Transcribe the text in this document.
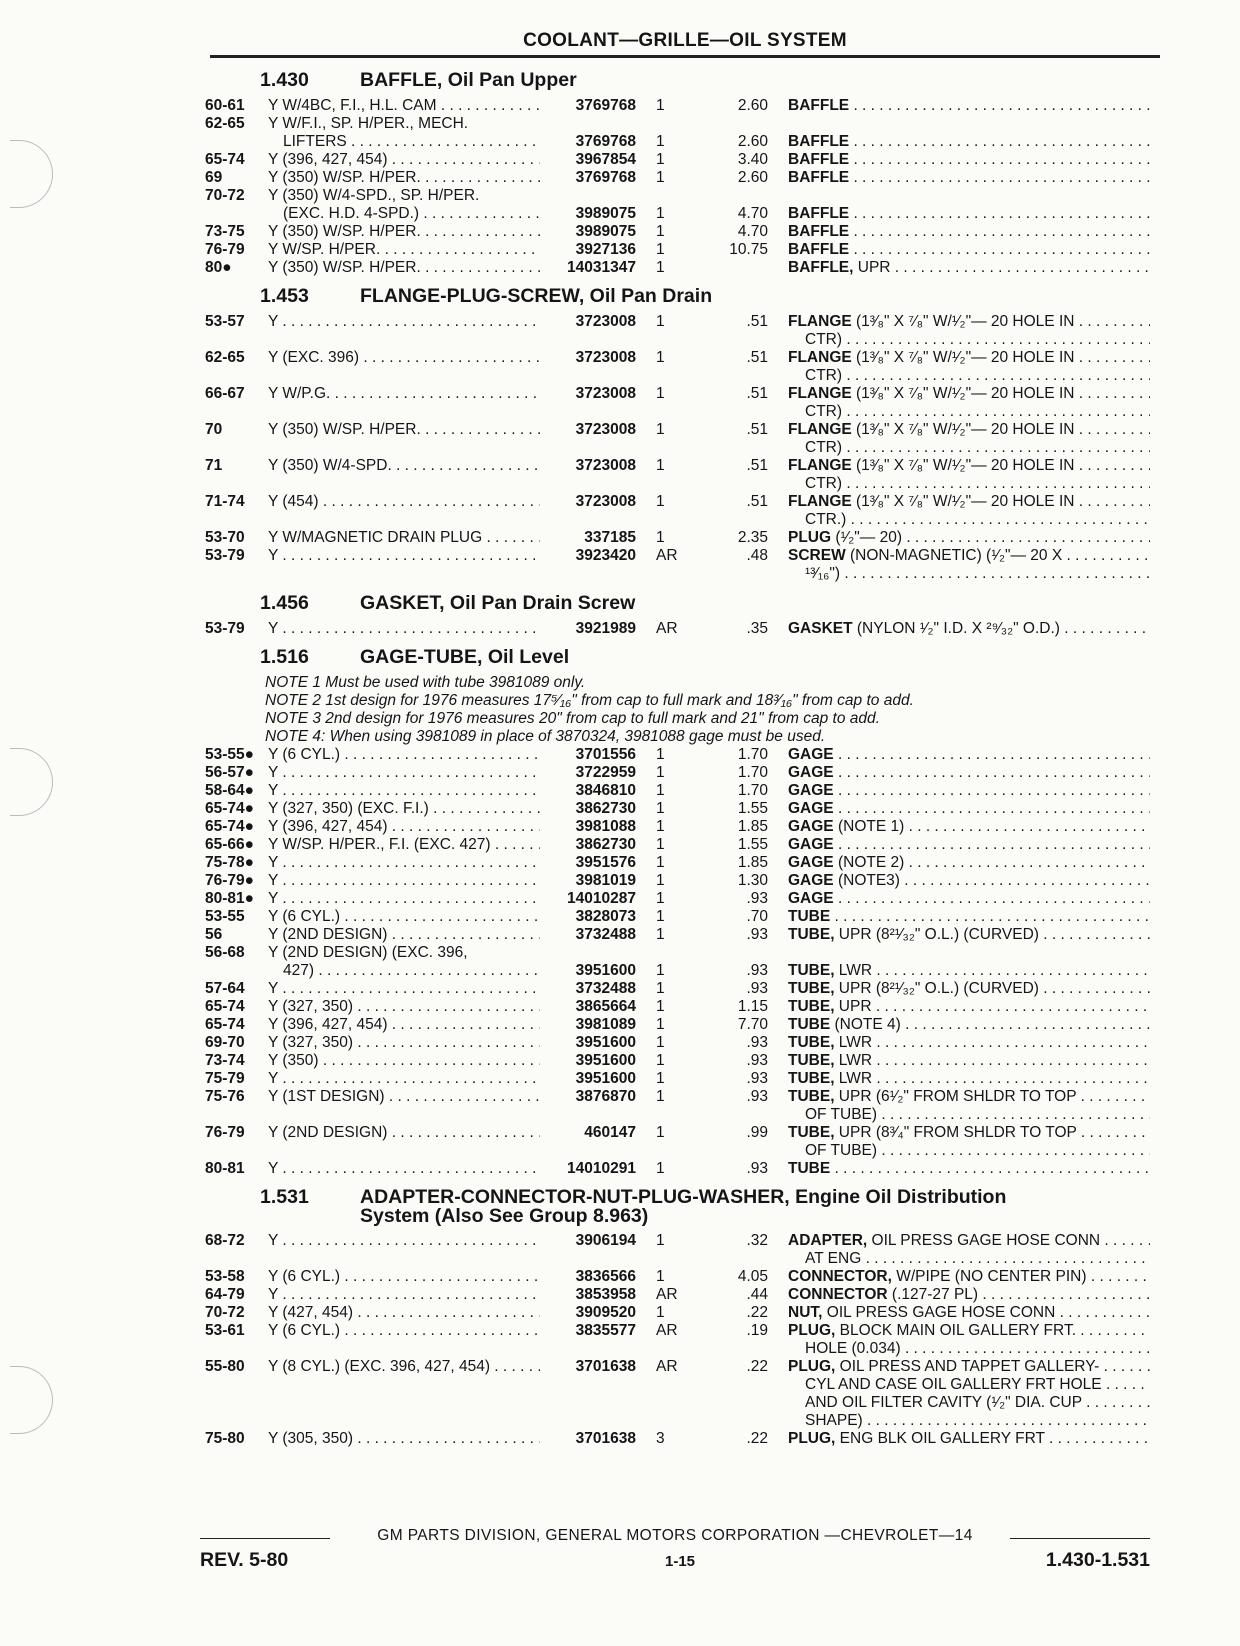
COOLANT—GRILLE—OIL SYSTEM
1.430	BAFFLE, Oil Pan Upper
1.453	FLANGE-PLUG-SCREW, Oil Pan Drain
1.456	GASKET, Oil Pan Drain Screw
1.516	GAGE-TUBE, Oil Level
1.531	ADAPTER-CONNECTOR-NUT-PLUG-WASHER, Engine Oil Distribution
System (Also See Group 8.963)
NOTE 1 Must be used with tube 3981089 only.
NOTE 2 1st design for 1976 measures 17⁵⁄₁₆" from cap to full mark and 18³⁄₁₆" from cap to add.
NOTE 3 2nd design for 1976 measures 20" from cap to full mark and 21" from cap to add.
NOTE 4: When using 3981089 in place of 3870324, 3981088 gage must be used.
60-61	Y W/4BC, F.I., H.L. CAM . . .	3769768 1	2.60 BAFFLE . . .
62-65	Y W/F.I., SP. H/PER., MECH.
LIFTERS . . .	3769768 1	2.60 BAFFLE . . .
65-74	Y (396, 427, 454) . . .	3967854 1	3.40 BAFFLE . . .
69	Y (350) W/SP. H/PER. . . .	3769768 1	2.60 BAFFLE . . .
70-72	Y (350) W/4-SPD., SP. H/PER.
(EXC. H.D. 4-SPD.) . . .	3989075 1	4.70 BAFFLE . . .
73-75	Y (350) W/SP. H/PER. . . .	3989075 1	4.70 BAFFLE . . .
76-79	Y W/SP. H/PER. . . .	3927136 1	10.75 BAFFLE . . .
80●	Y (350) W/SP. H/PER. . . .	14031347 1	BAFFLE, UPR . . .
53-57	Y . . .	3723008 1	.51 FLANGE (1³⁄₈" X ⁷⁄₈" W/¹⁄₂"— 20 HOLE IN . . .
CTR) . . .
62-65	Y (EXC. 396) . . .	3723008 1	.51 FLANGE (1³⁄₈" X ⁷⁄₈" W/¹⁄₂"— 20 HOLE IN . . .
CTR) . . .
66-67	Y W/P.G. . . .	3723008 1	.51 FLANGE (1³⁄₈" X ⁷⁄₈" W/¹⁄₂"— 20 HOLE IN . . .
CTR) . . .
70	Y (350) W/SP. H/PER. . . .	3723008 1	.51 FLANGE (1³⁄₈" X ⁷⁄₈" W/¹⁄₂"— 20 HOLE IN . . .
CTR) . . .
71	Y (350) W/4-SPD. . . .	3723008 1	.51 FLANGE (1³⁄₈" X ⁷⁄₈" W/¹⁄₂"— 20 HOLE IN . . .
CTR) . . .
71-74	Y (454) . . .	3723008 1	.51 FLANGE (1³⁄₈" X ⁷⁄₈" W/¹⁄₂"— 20 HOLE IN . . .
CTR.) . . .
53-70	Y W/MAGNETIC DRAIN PLUG . . .	337185 1	2.35 PLUG (¹⁄₂"— 20) . . .
53-79	Y . . .	3923420 AR	.48 SCREW (NON-MAGNETIC) (¹⁄₂"— 20 X . . .
¹³⁄₁₆") . . .
53-79	Y . . .	3921989 AR	.35 GASKET (NYLON ¹⁄₂" I.D. X ²⁹⁄₃₂" O.D.) . . .
53-55● Y (6 CYL.) . . .	3701556 1	1.70 GAGE . . .
56-57● Y . . .	3722959 1	1.70 GAGE . . .
58-64● Y . . .	3846810 1	1.70 GAGE . . .
65-74● Y (327, 350) (EXC. F.I.) . . .	3862730 1	1.55 GAGE . . .
65-74● Y (396, 427, 454) . . .	3981088 1	1.85 GAGE (NOTE 1) . . .
65-66● Y W/SP. H/PER., F.I. (EXC. 427) . . .	3862730 1	1.55 GAGE . . .
75-78● Y . . .	3951576 1	1.85 GAGE (NOTE 2) . . .
76-79● Y . . .	3981019 1	1.30 GAGE (NOTE3) . . .
80-81● Y . . .	14010287 1	.93 GAGE . . .
53-55	Y (6 CYL.) . . .	3828073 1	.70 TUBE . . .
56	Y (2ND DESIGN) . . .	3732488 1	.93 TUBE, UPR (8²¹⁄₃₂" O.L.) (CURVED) . . .
56-68	Y (2ND DESIGN) (EXC. 396,
427) . . .	3951600 1	.93 TUBE, LWR . . .
57-64	Y . . .	3732488 1	.93 TUBE, UPR (8²¹⁄₃₂" O.L.) (CURVED) . . .
65-74	Y (327, 350) . . .	3865664 1	1.15 TUBE, UPR . . .
65-74	Y (396, 427, 454) . . .	3981089 1	7.70 TUBE (NOTE 4) . . .
69-70	Y (327, 350) . . .	3951600 1	.93 TUBE, LWR . . .
73-74	Y (350) . . .	3951600 1	.93 TUBE, LWR . . .
75-79	Y . . .	3951600 1	.93 TUBE, LWR . . .
75-76	Y (1ST DESIGN) . . .	3876870 1	.93 TUBE, UPR (6¹⁄₂" FROM SHLDR TO TOP . . .
OF TUBE) . . .
76-79	Y (2ND DESIGN) . . .	460147 1	.99 TUBE, UPR (8³⁄₄" FROM SHLDR TO TOP . . .
OF TUBE) . . .
80-81	Y . . .	14010291 1	.93 TUBE . . .
68-72	Y . . .	3906194 1	.32 ADAPTER, OIL PRESS GAGE HOSE CONN . . .
AT ENG . . .
53-58	Y (6 CYL.) . . .	3836566 1	4.05 CONNECTOR, W/PIPE (NO CENTER PIN) . . .
64-79	Y . . .	3853958 AR	.44 CONNECTOR (.127-27 PL) . . .
70-72	Y (427, 454) . . .	3909520 1	.22 NUT, OIL PRESS GAGE HOSE CONN . . .
53-61	Y (6 CYL.) . . .	3835577 AR	.19 PLUG, BLOCK MAIN OIL GALLERY FRT. . . .
HOLE (0.034) . . .
55-80	Y (8 CYL.) (EXC. 396, 427, 454) . . .	3701638 AR	.22 PLUG, OIL PRESS AND TAPPET GALLERY- . . .
CYL AND CASE OIL GALLERY FRT HOLE . . .
AND OIL FILTER CAVITY (¹⁄₂" DIA. CUP . . .
SHAPE) . . .
75-80	Y (305, 350) . . .	3701638 3	.22 PLUG, ENG BLK OIL GALLERY FRT . . .
GM PARTS DIVISION, GENERAL MOTORS CORPORATION —CHEVROLET—14
REV. 5-80	1-15	1.430-1.531
